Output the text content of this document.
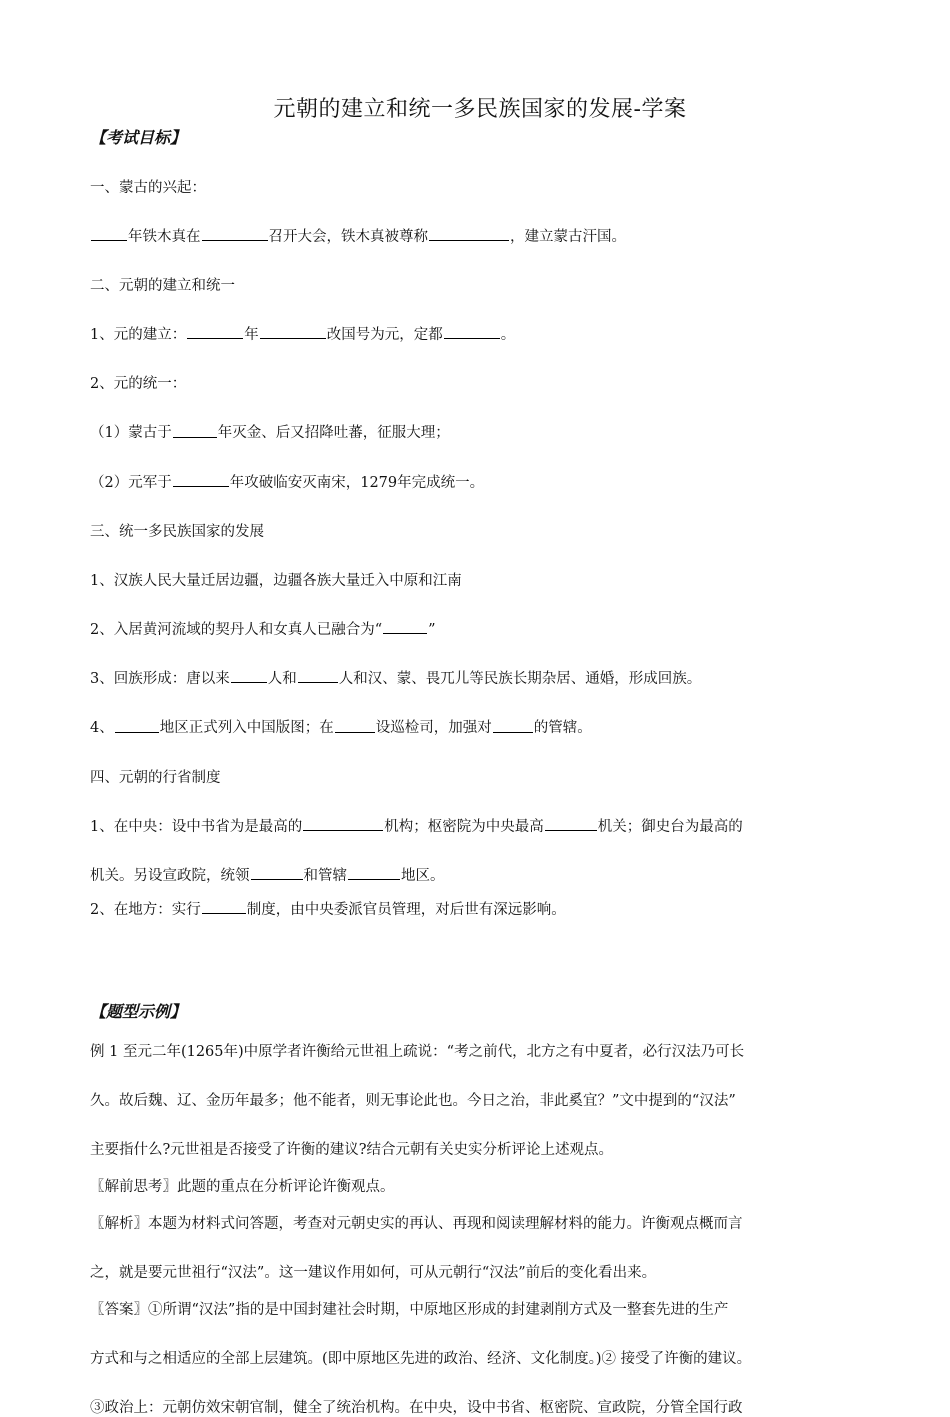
元朝的建立和统一多民族国家的发展-学案
【考试目标】

一、蒙古的兴起：

年铁木真在	召开大会，铁木真被尊称	，建立蒙古汗国。

二、元朝的建立和统一

1、元的建立：	年	改国号为元，定都	。

2、元的统一：

（1）蒙古于	年灭金、后又招降吐蕃，征服大理；

（2）元军于	年攻破临安灭南宋，1279年完成统一。

三、统一多民族国家的发展

1、汉族人民大量迁居边疆，边疆各族大量迁入中原和江南

2、入居黄河流域的契丹人和女真人已融合为“	”

3、回族形成：唐以来	人和	人和汉、蒙、畏兀儿等民族长期杂居、通婚，形成回族。

4、	地区正式列入中国版图；在	设巡检司，加强对	的管辖。

四、元朝的行省制度

1、在中央：设中书省为是最高的	机构；枢密院为中央最高	机关；御史台为最高的

机关。另设宣政院，统领	和管辖	地区。

2、在地方：实行	制度，由中央委派官员管理，对后世有深远影响。

【题型示例】

例 1 至元二年(1265年)中原学者许衡给元世祖上疏说：“考之前代，北方之有中夏者，必行汉法乃可长

久。故后魏、辽、金历年最多；他不能者，则无事论此也。今日之治，非此奚宜？”文中提到的“汉法”

主要指什么?元世祖是否接受了许衡的建议?结合元朝有关史实分析评论上述观点。

〖解前思考〗此题的重点在分析评论许衡观点。

〖解析〗本题为材料式问答题，考查对元朝史实的再认、再现和阅读理解材料的能力。许衡观点概而言

之，就是要元世祖行“汉法”。这一建议作用如何，可从元朝行“汉法”前后的变化看出来。

〖答案〗①所谓“汉法”指的是中国封建社会时期，中原地区形成的封建剥削方式及一整套先进的生产

方式和与之相适应的全部上层建筑。(即中原地区先进的政治、经济、文化制度。)② 接受了许衡的建议。

③政治上：元朝仿效宋朝官制，健全了统治机构。在中央，设中书省、枢密院、宣政院，分管全国行政
